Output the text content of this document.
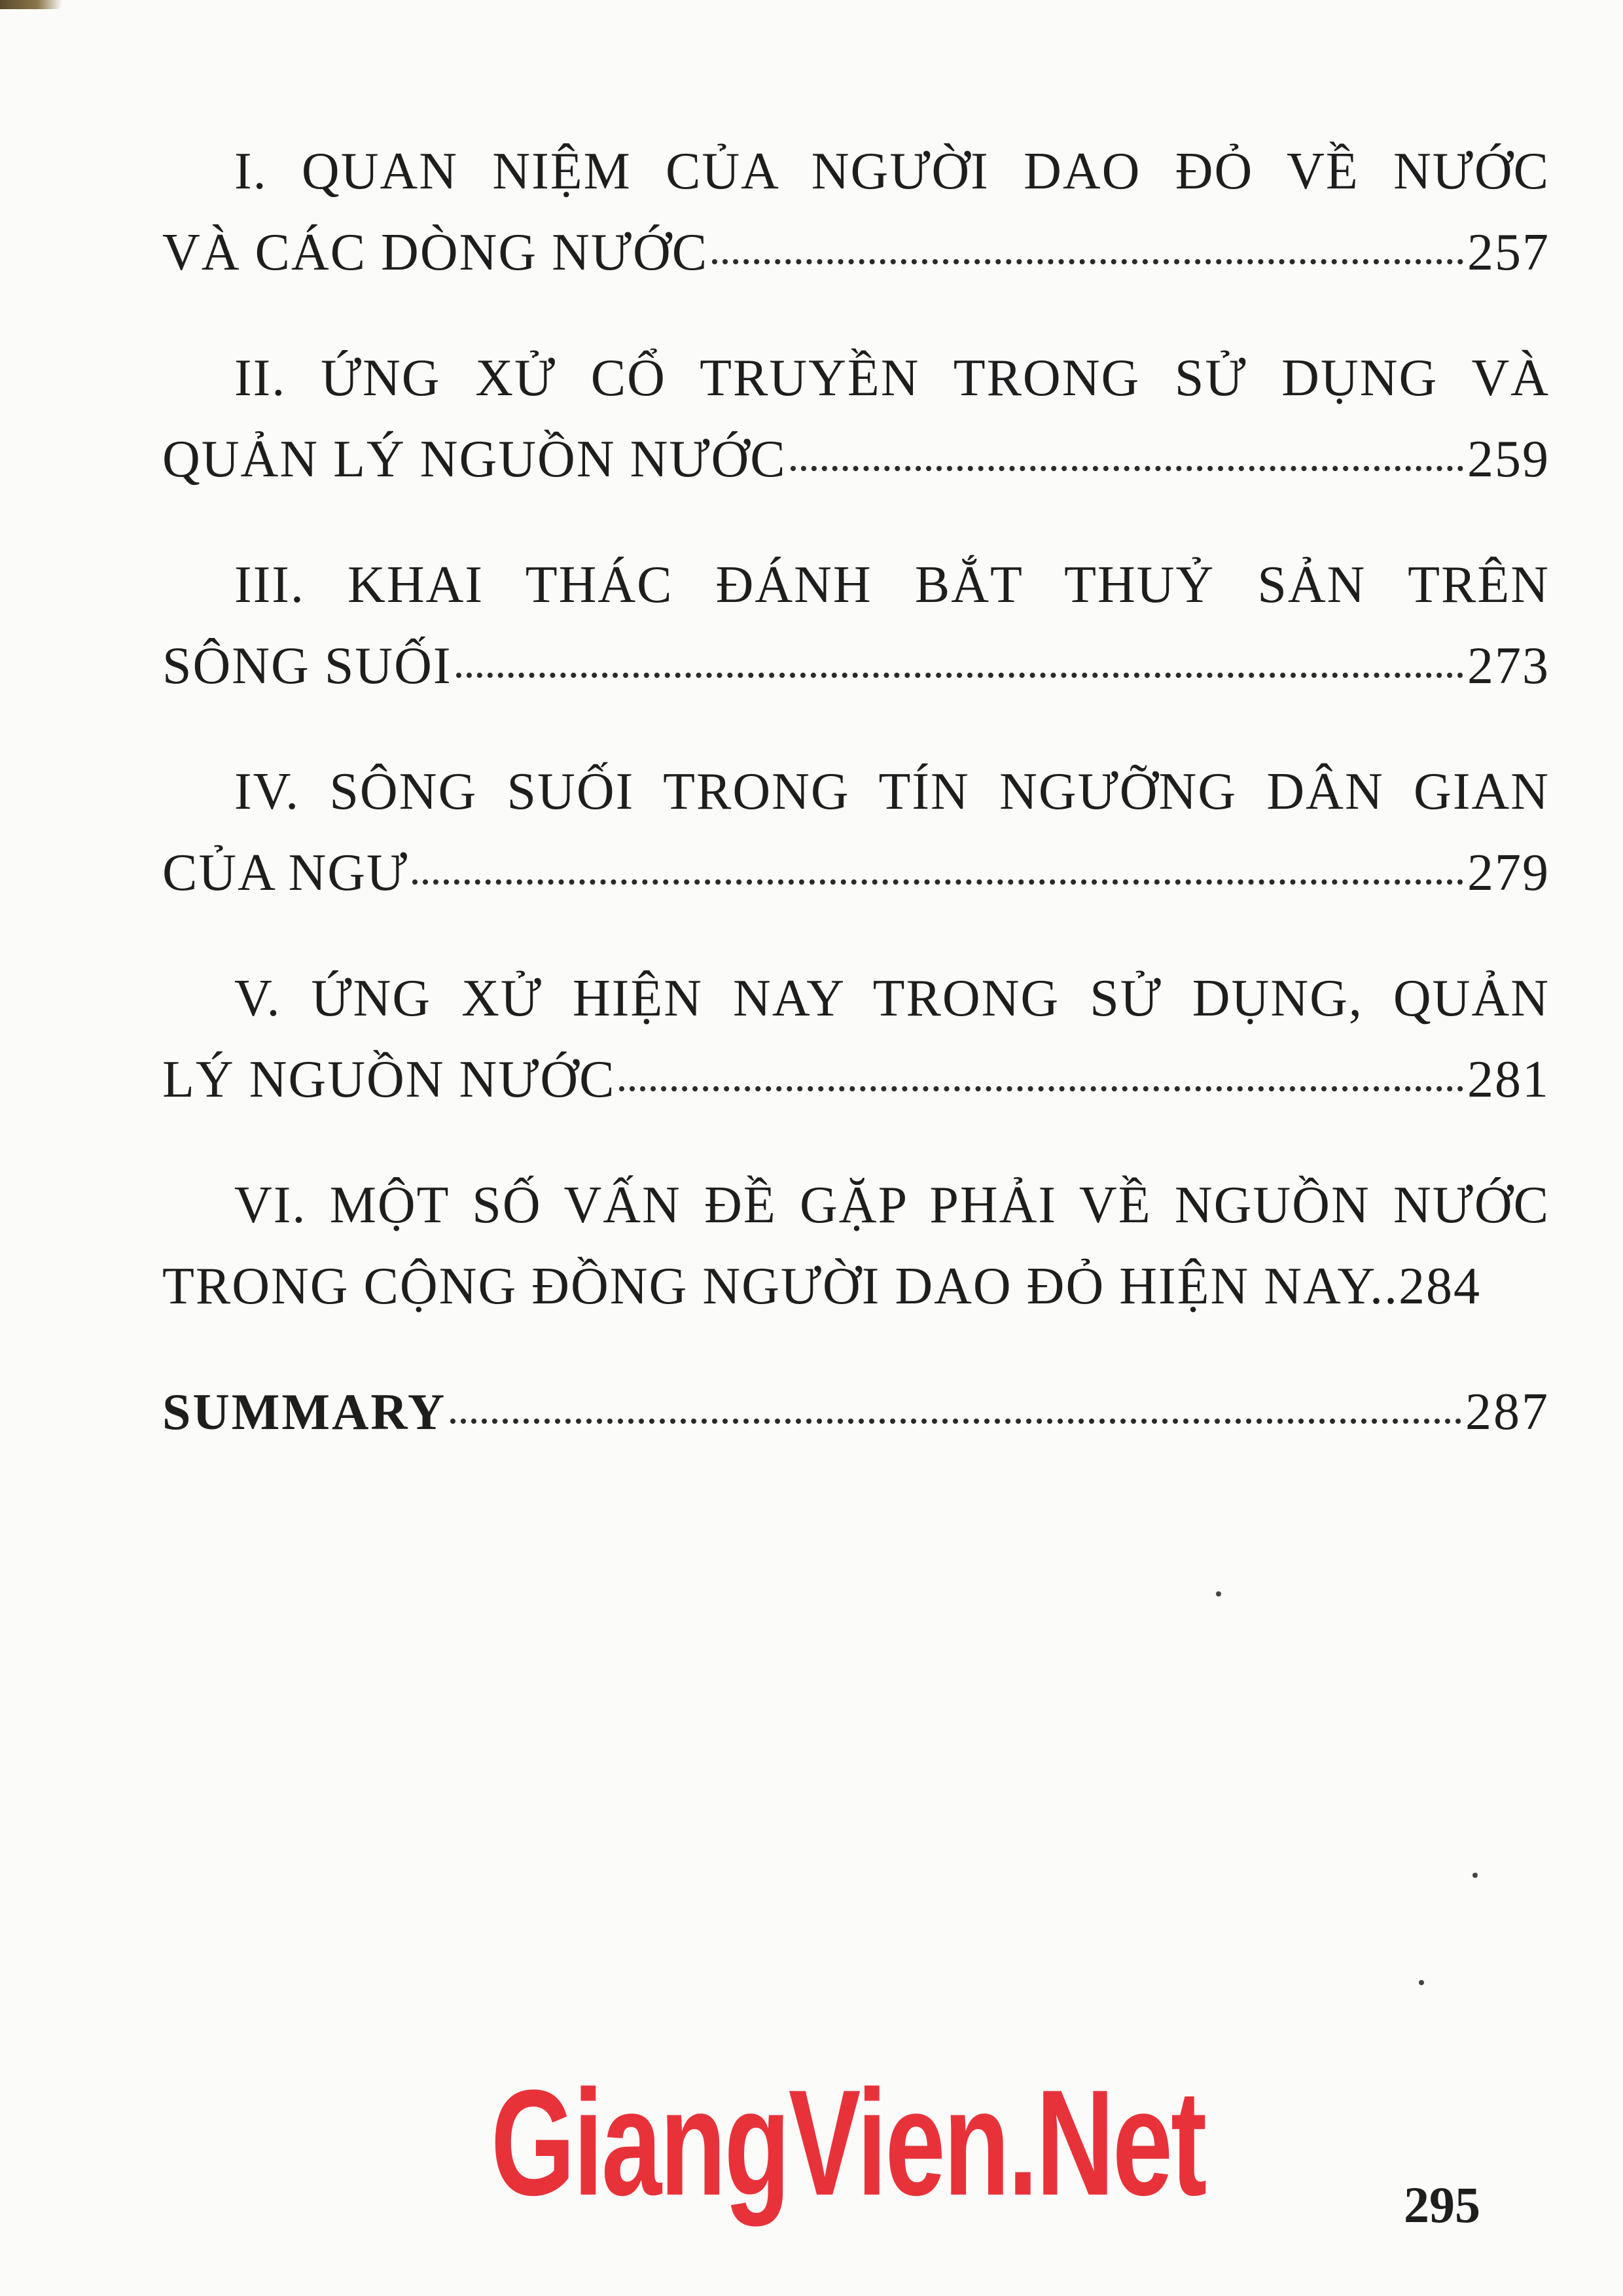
I. QUAN NIỆM CỦA NGƯỜI DAO ĐỎ VỀ NƯỚC
VÀ CÁC DÒNG NƯỚC	257
II. ỨNG XỬ CỔ TRUYỀN TRONG SỬ DỤNG VÀ
QUẢN LÝ NGUỒN NƯỚC	259
III. KHAI THÁC ĐÁNH BẮT THUỶ SẢN TRÊN
SÔNG SUỐI	273
IV. SÔNG SUỐI TRONG TÍN NGƯỠNG DÂN GIAN
CỦA NGƯ	279
V. ỨNG XỬ HIỆN NAY TRONG SỬ DỤNG, QUẢN
LÝ NGUỒN NƯỚC	281
VI. MỘT SỐ VẤN ĐỀ GẶP PHẢI VỀ NGUỒN NƯỚC
TRONG CỘNG ĐỒNG NGƯỜI DAO ĐỎ HIỆN NAY..284
SUMMARY	287
GiangVien.Net	295
